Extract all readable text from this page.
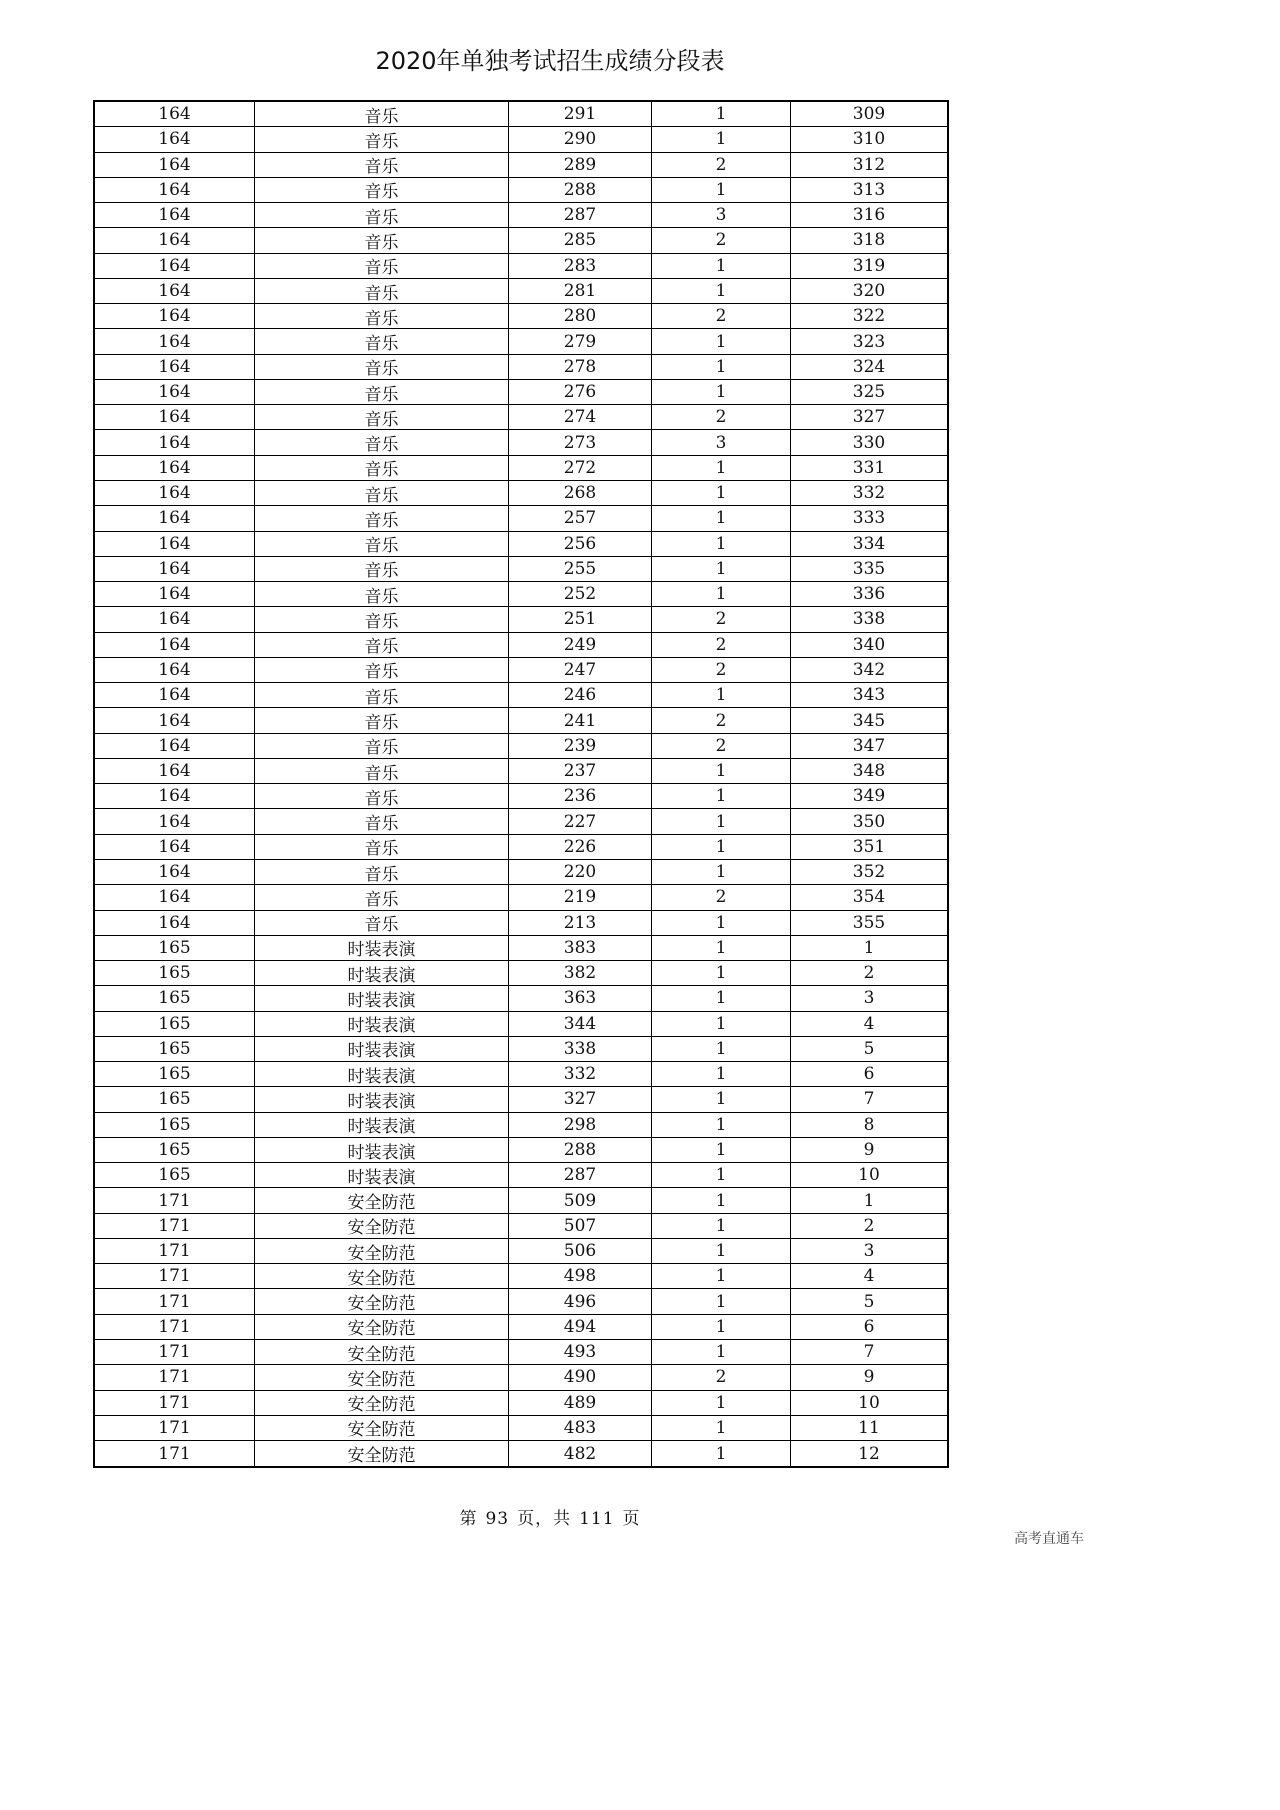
2020年单独考试招生成绩分段表
164	音乐	291	1	309
164	音乐	290	1	310
164	音乐	289	2	312
164	音乐	288	1	313
164	音乐	287	3	316
164	音乐	285	2	318
164	音乐	283	1	319
164	音乐	281	1	320
164	音乐	280	2	322
164	音乐	279	1	323
164	音乐	278	1	324
164	音乐	276	1	325
164	音乐	274	2	327
164	音乐	273	3	330
164	音乐	272	1	331
164	音乐	268	1	332
164	音乐	257	1	333
164	音乐	256	1	334
164	音乐	255	1	335
164	音乐	252	1	336
164	音乐	251	2	338
164	音乐	249	2	340
164	音乐	247	2	342
164	音乐	246	1	343
164	音乐	241	2	345
164	音乐	239	2	347
164	音乐	237	1	348
164	音乐	236	1	349
164	音乐	227	1	350
164	音乐	226	1	351
164	音乐	220	1	352
164	音乐	219	2	354
164	音乐	213	1	355
165	时装表演	383	1	1
165	时装表演	382	1	2
165	时装表演	363	1	3
165	时装表演	344	1	4
165	时装表演	338	1	5
165	时装表演	332	1	6
165	时装表演	327	1	7
165	时装表演	298	1	8
165	时装表演	288	1	9
165	时装表演	287	1	10
171	安全防范	509	1	1
171	安全防范	507	1	2
171	安全防范	506	1	3
171	安全防范	498	1	4
171	安全防范	496	1	5
171	安全防范	494	1	6
171	安全防范	493	1	7
171	安全防范	490	2	9
171	安全防范	489	1	10
171	安全防范	483	1	11
171	安全防范	482	1	12
第 93 页，共 111 页
高考直通车
